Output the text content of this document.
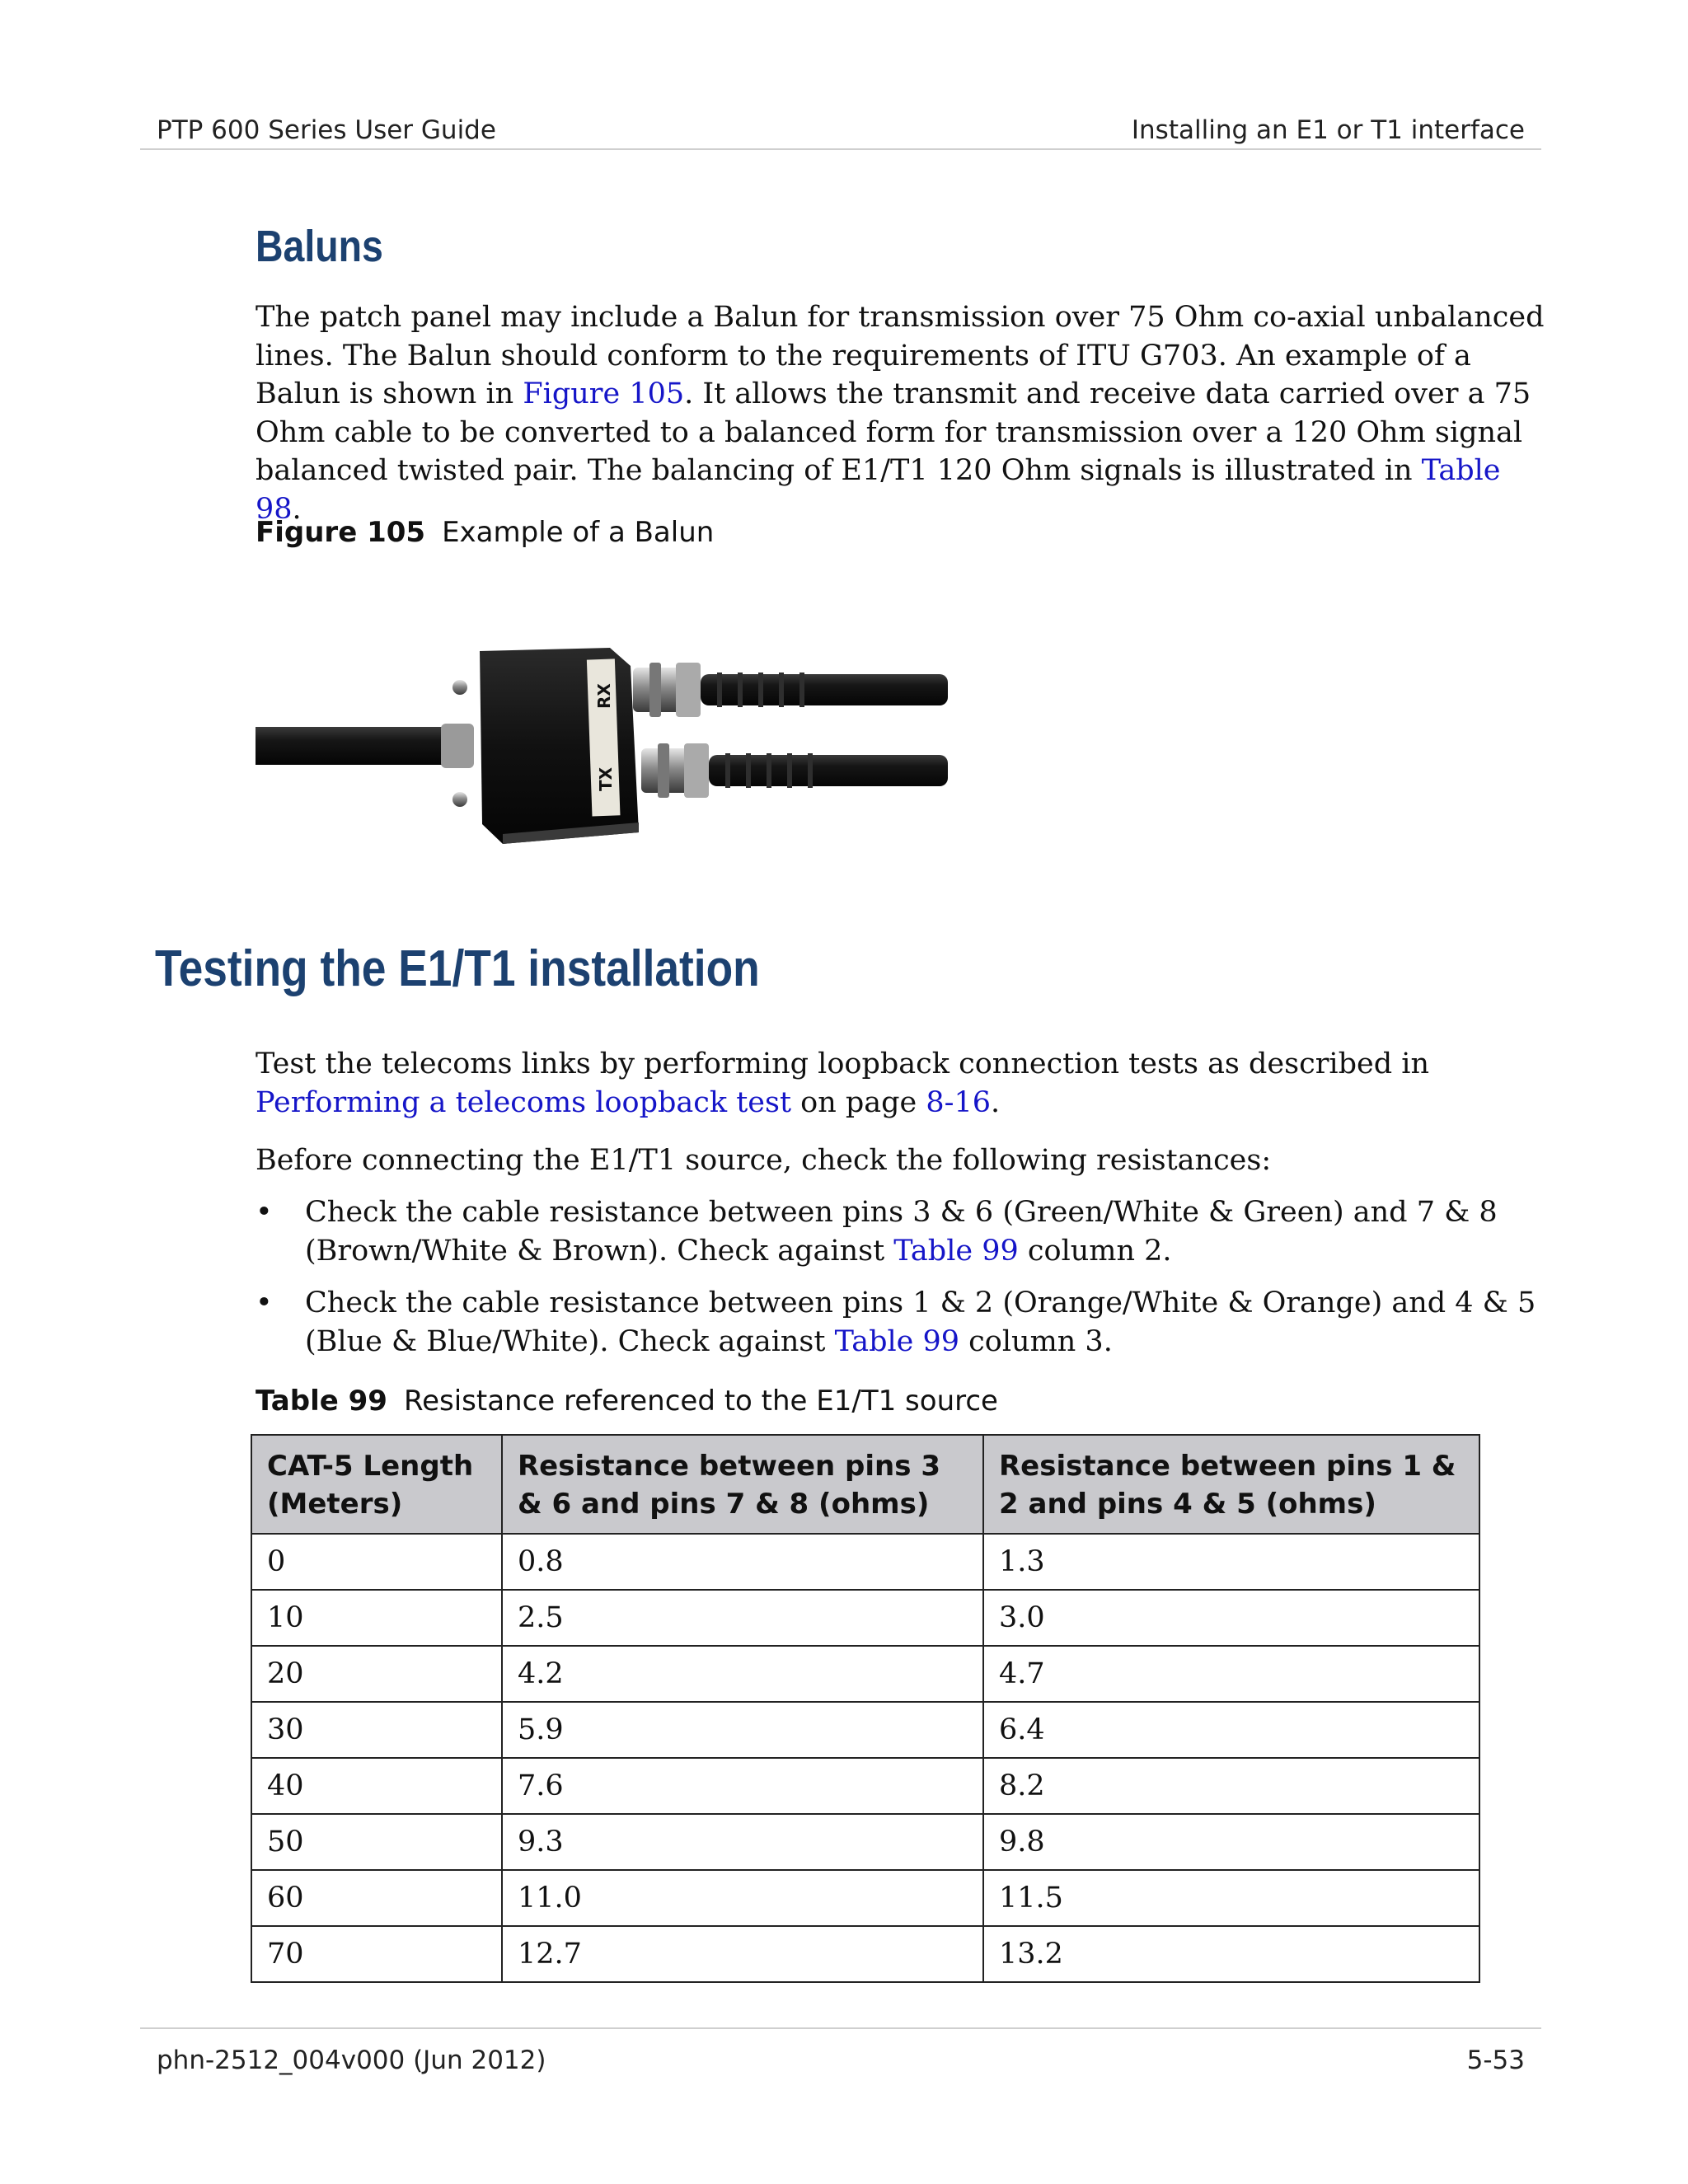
PTP 600 Series User Guide	Installing an E1 or T1 interface
Baluns

The patch panel may include a Balun for transmission over 75 Ohm co-axial unbalanced lines. The Balun should conform to the requirements of ITU G703. An example of a Balun is shown in Figure 105. It allows the transmit and receive data carried over a 75 Ohm cable to be converted to a balanced form for transmission over a 120 Ohm signal balanced twisted pair. The balancing of E1/T1 120 Ohm signals is illustrated in Table 98.

Figure 105 Example of a Balun

RX
TX
Testing the E1/T1 installation

Test the telecoms links by performing loopback connection tests as described in Performing a telecoms loopback test on page 8-16.

Before connecting the E1/T1 source, check the following resistances:

• Check the cable resistance between pins 3 & 6 (Green/White & Green) and 7 & 8 (Brown/White & Brown). Check against Table 99 column 2.
• Check the cable resistance between pins 1 & 2 (Orange/White & Orange) and 4 & 5 (Blue & Blue/White). Check against Table 99 column 3.

Table 99 Resistance referenced to the E1/T1 source

CAT-5 Length (Meters)	Resistance between pins 3 & 6 and pins 7 & 8 (ohms)	Resistance between pins 1 & 2 and pins 4 & 5 (ohms)
0	0.8	1.3
10	2.5	3.0
20	4.2	4.7
30	5.9	6.4
40	7.6	8.2
50	9.3	9.8
60	11.0	11.5
70	12.7	13.2
phn-2512_004v000 (Jun 2012)	5-53
